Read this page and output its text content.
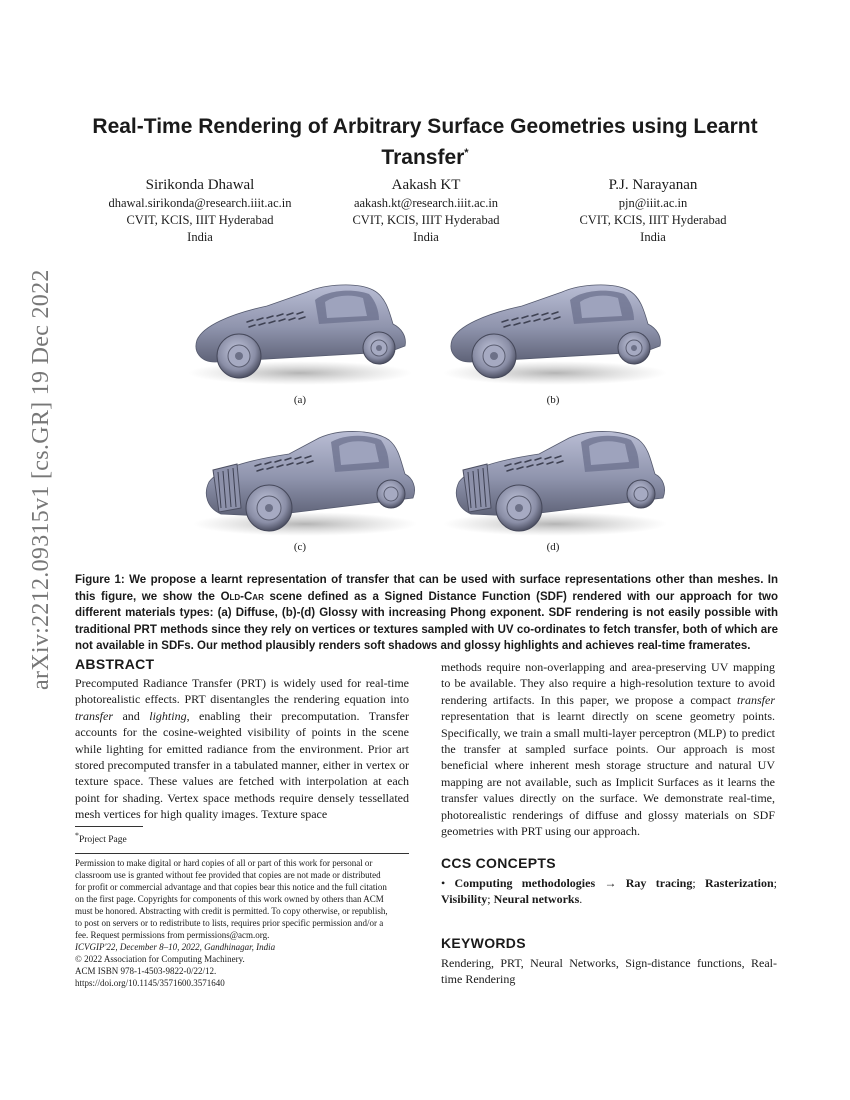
arXiv:2212.09315v1 [cs.GR] 19 Dec 2022
Real-Time Rendering of Arbitrary Surface Geometries using Learnt Transfer*
Sirikonda Dhawal
dhawal.sirikonda@research.iiit.ac.in
CVIT, KCIS, IIIT Hyderabad
India
Aakash KT
aakash.kt@research.iiit.ac.in
CVIT, KCIS, IIIT Hyderabad
India
P.J. Narayanan
pjn@iiit.ac.in
CVIT, KCIS, IIIT Hyderabad
India
(a)	(b)
(c)	(d)
Figure 1: We propose a learnt representation of transfer that can be used with surface representations other than meshes. In this figure, we show the Old-Car scene defined as a Signed Distance Function (SDF) rendered with our approach for two different materials types: (a) Diffuse, (b)-(d) Glossy with increasing Phong exponent. SDF rendering is not easily possible with traditional PRT methods since they rely on vertices or textures sampled with UV co-ordinates to fetch transfer, both of which are not available in SDFs. Our method plausibly renders soft shadows and glossy highlights and achieves real-time framerates.
ABSTRACT
Precomputed Radiance Transfer (PRT) is widely used for real-time photorealistic effects. PRT disentangles the rendering equation into transfer and lighting, enabling their precomputation. Transfer accounts for the cosine-weighted visibility of points in the scene while lighting for emitted radiance from the environment. Prior art stored precomputed transfer in a tabulated manner, either in vertex or texture space. These values are fetched with interpolation at each point for shading. Vertex space methods require densely tessellated mesh vertices for high quality images. Texture space
*Project Page
Permission to make digital or hard copies of all or part of this work for personal or
classroom use is granted without fee provided that copies are not made or distributed
for profit or commercial advantage and that copies bear this notice and the full citation
on the first page. Copyrights for components of this work owned by others than ACM
must be honored. Abstracting with credit is permitted. To copy otherwise, or republish,
to post on servers or to redistribute to lists, requires prior specific permission and/or a
fee. Request permissions from permissions@acm.org.
ICVGIP'22, December 8–10, 2022, Gandhinagar, India
© 2022 Association for Computing Machinery.
ACM ISBN 978-1-4503-9822-0/22/12.
https://doi.org/10.1145/3571600.3571640
methods require non-overlapping and area-preserving UV mapping to be available. They also require a high-resolution texture to avoid rendering artifacts. In this paper, we propose a compact transfer representation that is learnt directly on scene geometry points. Specifically, we train a small multi-layer perceptron (MLP) to predict the transfer at sampled surface points. Our approach is most beneficial where inherent mesh storage structure and natural UV mapping are not available, such as Implicit Surfaces as it learns the transfer values directly on the surface. We demonstrate real-time, photorealistic renderings of diffuse and glossy materials on SDF geometries with PRT using our approach.
CCS CONCEPTS
• Computing methodologies → Ray tracing; Rasterization; Visibility; Neural networks.
KEYWORDS
Rendering, PRT, Neural Networks, Sign-distance functions, Real-time Rendering
